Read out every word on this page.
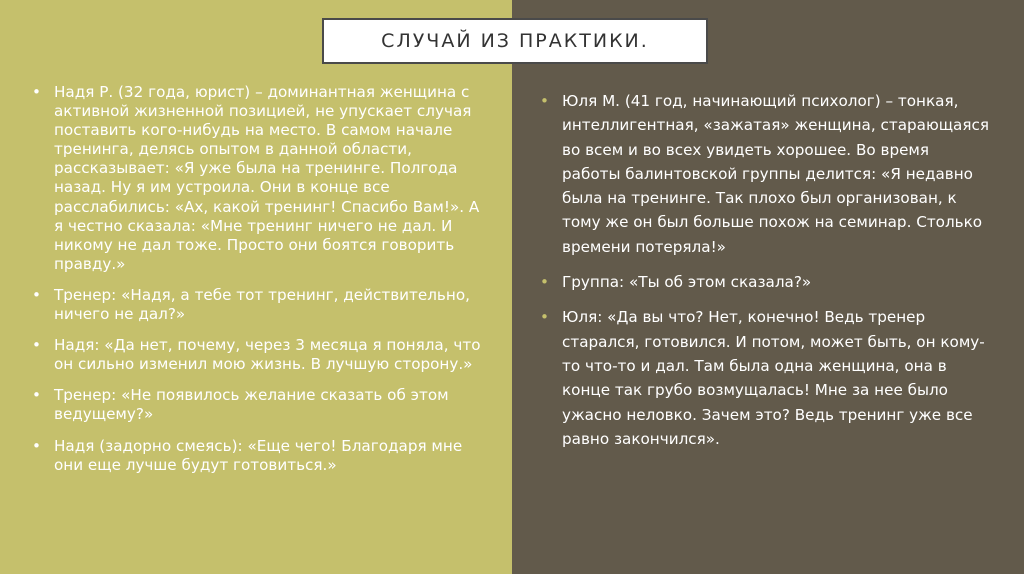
СЛУЧАЙ ИЗ ПРАКТИКИ.
• Надя Р. (32 года, юрист) – доминантная женщина с активной жизненной позицией, не упускает случая поставить кого-нибудь на место. В самом начале тренинга, делясь опытом в данной области, рассказывает: «Я уже была на тренинге. Полгода назад. Ну я им устроила. Они в конце все расслабились: «Ах, какой тренинг! Спасибо Вам!». А я честно сказала: «Мне тренинг ничего не дал. И никому не дал тоже. Просто они боятся говорить правду.»
• Тренер: «Надя, а тебе тот тренинг, действительно, ничего не дал?»
• Надя: «Да нет, почему, через 3 месяца я поняла, что он сильно изменил мою жизнь. В лучшую сторону.»
• Тренер: «Не появилось желание сказать об этом ведущему?»
• Надя (задорно смеясь): «Еще чего! Благодаря мне они еще лучше будут готовиться.»
• Юля М. (41 год, начинающий психолог) – тонкая, интеллигентная, «зажатая» женщина, старающаяся во всем и во всех увидеть хорошее. Во время работы балинтовской группы делится: «Я недавно была на тренинге. Так плохо был организован, к тому же он был больше похож на семинар. Столько времени потеряла!»
• Группа: «Ты об этом сказала?»
• Юля: «Да вы что? Нет, конечно! Ведь тренер старался, готовился. И потом, может быть, он кому-то что-то и дал. Там была одна женщина, она в конце так грубо возмущалась! Мне за нее было ужасно неловко. Зачем это? Ведь тренинг уже все равно закончился».
